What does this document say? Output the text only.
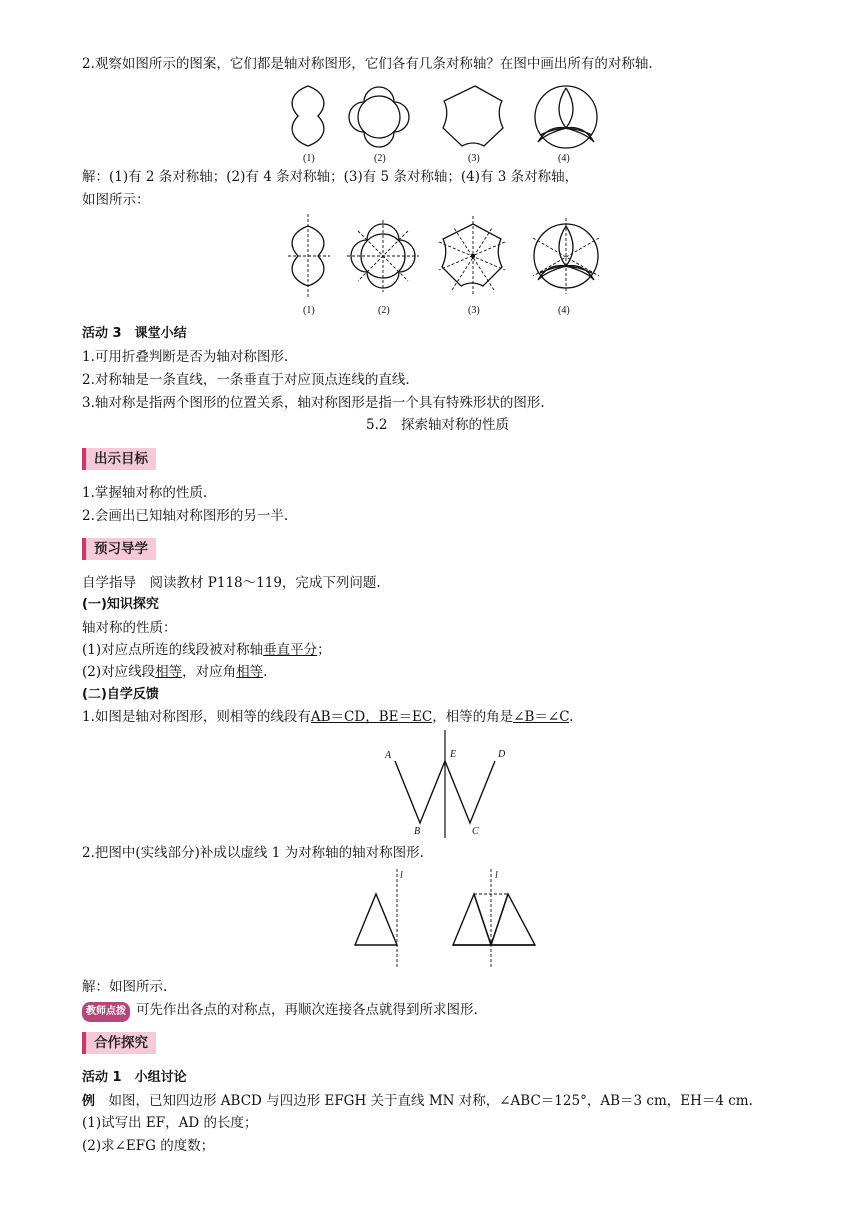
2.观察如图所示的图案，它们都是轴对称图形，它们各有几条对称轴？在图中画出所有的对称轴.
(1)	(2)	(3)	(4)
解：(1)有 2 条对称轴；(2)有 4 条对称轴；(3)有 5 条对称轴；(4)有 3 条对称轴，
如图所示：
(1)	(2)	(3)	(4)
活动 3　课堂小结
1.可用折叠判断是否为轴对称图形.
2.对称轴是一条直线，一条垂直于对应顶点连线的直线.
3.轴对称是指两个图形的位置关系，轴对称图形是指一个具有特殊形状的图形.
5.2　探索轴对称的性质
出示目标
1.掌握轴对称的性质.
2.会画出已知轴对称图形的另一半.
预习导学
自学指导　阅读教材 P118～119，完成下列问题.
(一)知识探究
轴对称的性质：
(1)对应点所连的线段被对称轴垂直平分；
(2)对应线段相等，对应角相等.
(二)自学反馈
1.如图是轴对称图形，则相等的线段有AB＝CD，BE＝EC，相等的角是∠B＝∠C.
A	E	D
B	C
2.把图中(实线部分)补成以虚线 1 为对称轴的轴对称图形.
l	l
解：如图所示.
教师点拨 可先作出各点的对称点，再顺次连接各点就得到所求图形.
合作探究
活动 1　小组讨论
例　如图，已知四边形 ABCD 与四边形 EFGH 关于直线 MN 对称，∠ABC＝125°，AB＝3 cm，EH＝4 cm.
(1)试写出 EF，AD 的长度；
(2)求∠EFG 的度数；
